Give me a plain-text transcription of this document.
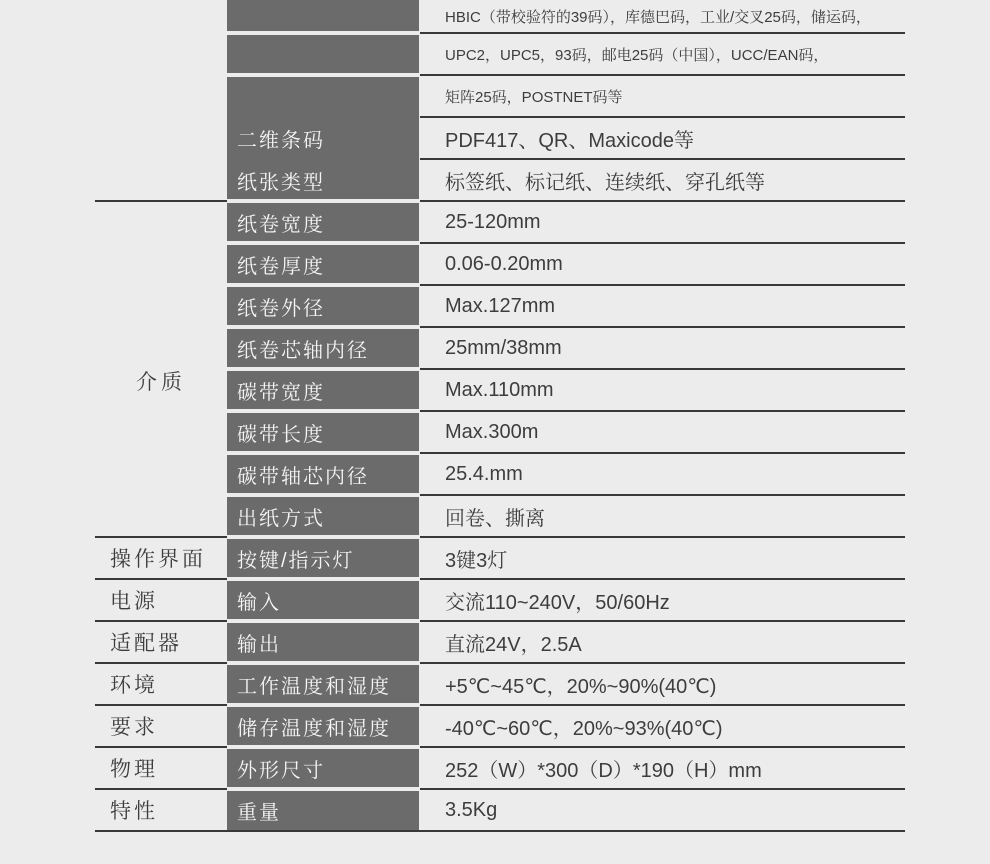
HBIC（带校验符的39码），库德巴码，工业/交叉25码，储运码，
UPC2，UPC5，93码，邮电25码（中国），UCC/EAN码，
矩阵25码，POSTNET码等
PDF417、QR、Maxicode等
二维条码
标签纸、标记纸、连续纸、穿孔纸等
纸张类型
25-120mm
纸卷宽度
0.06-0.20mm
纸卷厚度
Max.127mm
纸卷外径
25mm/38mm
纸卷芯轴内径
Max.110mm
碳带宽度
Max.300m
碳带长度
25.4.mm
碳带轴芯内径
回卷、撕离
出纸方式
3键3灯
按键/指示灯
操作界面
交流110~240V，50/60Hz
输入
电源
直流24V，2.5A
输出
适配器
+5℃~45℃，20%~90%(40℃)
工作温度和湿度
环境
-40℃~60℃，20%~93%(40℃)
储存温度和湿度
要求
252（W）*300（D）*190（H）mm
外形尺寸
物理
3.5Kg
重量
特性
介质
